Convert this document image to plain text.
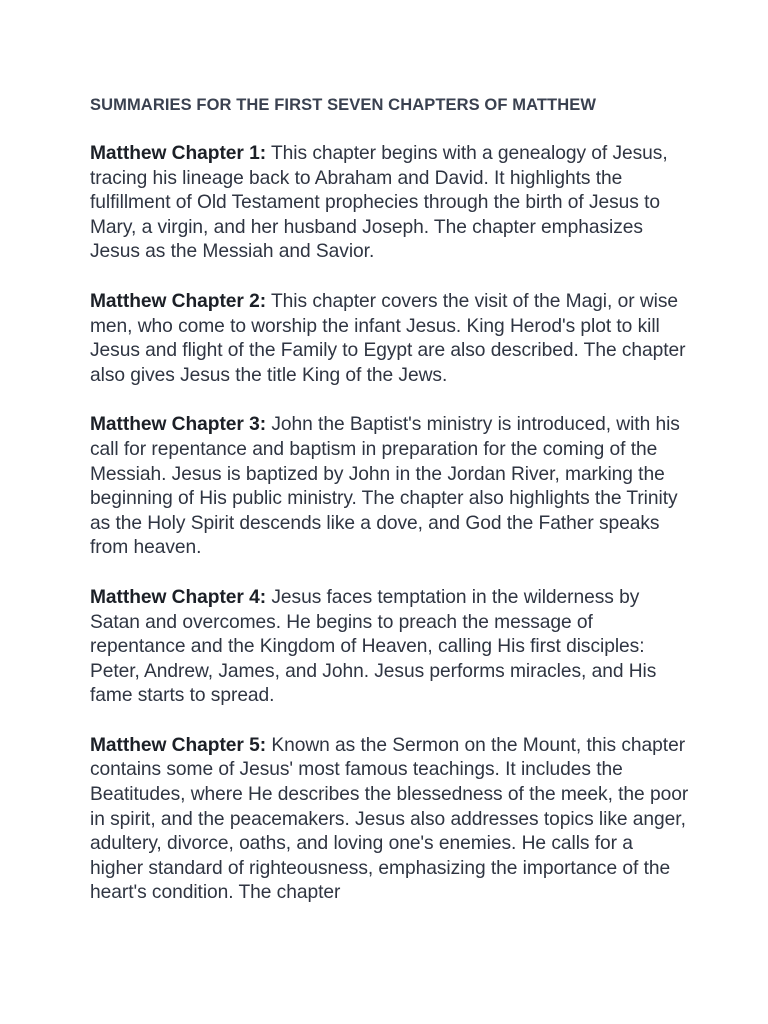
SUMMARIES FOR THE FIRST SEVEN CHAPTERS OF MATTHEW

Matthew Chapter 1: This chapter begins with a genealogy of Jesus, tracing his lineage back to Abraham and David. It highlights the fulfillment of Old Testament prophecies through the birth of Jesus to Mary, a virgin, and her husband Joseph. The chapter emphasizes Jesus as the Messiah and Savior.

Matthew Chapter 2: This chapter covers the visit of the Magi, or wise men, who come to worship the infant Jesus. King Herod's plot to kill Jesus and flight of the Family to Egypt are also described. The chapter also gives Jesus the title King of the Jews.

Matthew Chapter 3: John the Baptist's ministry is introduced, with his call for repentance and baptism in preparation for the coming of the Messiah. Jesus is baptized by John in the Jordan River, marking the beginning of His public ministry. The chapter also highlights the Trinity as the Holy Spirit descends like a dove, and God the Father speaks from heaven.

Matthew Chapter 4: Jesus faces temptation in the wilderness by Satan and overcomes. He begins to preach the message of repentance and the Kingdom of Heaven, calling His first disciples: Peter, Andrew, James, and John. Jesus performs miracles, and His fame starts to spread.

Matthew Chapter 5: Known as the Sermon on the Mount, this chapter contains some of Jesus' most famous teachings. It includes the Beatitudes, where He describes the blessedness of the meek, the poor in spirit, and the peacemakers. Jesus also addresses topics like anger, adultery, divorce, oaths, and loving one's enemies. He calls for a higher standard of righteousness, emphasizing the importance of the heart's condition. The chapter
